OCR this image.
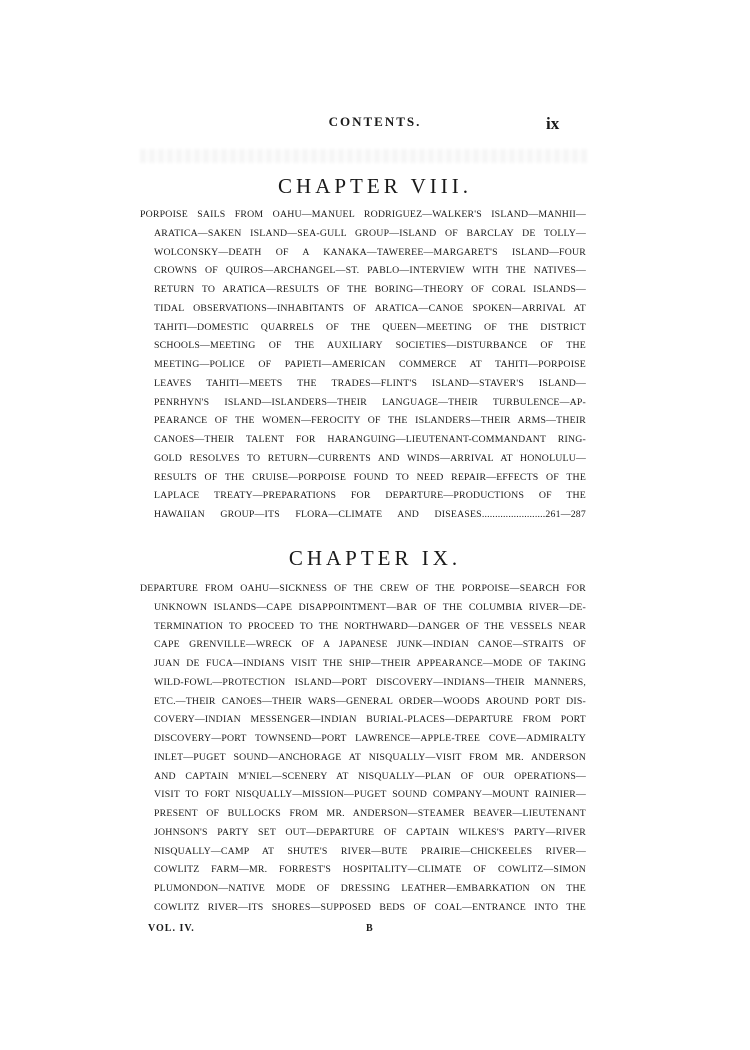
CONTENTS.	ix
CHAPTER VIII.
PORPOISE SAILS FROM OAHU—MANUEL RODRIGUEZ—WALKER'S ISLAND—MANHII—
ARATICA—SAKEN ISLAND—SEA-GULL GROUP—ISLAND OF BARCLAY DE TOLLY—
WOLCONSKY—DEATH OF A KANAKA—TAWEREE—MARGARET'S ISLAND—FOUR
CROWNS OF QUIROS—ARCHANGEL—ST. PABLO—INTERVIEW WITH THE NATIVES—
RETURN TO ARATICA—RESULTS OF THE BORING—THEORY OF CORAL ISLANDS—
TIDAL OBSERVATIONS—INHABITANTS OF ARATICA—CANOE SPOKEN—ARRIVAL AT
TAHITI—DOMESTIC QUARRELS OF THE QUEEN—MEETING OF THE DISTRICT
SCHOOLS—MEETING OF THE AUXILIARY SOCIETIES—DISTURBANCE OF THE
MEETING—POLICE OF PAPIETI—AMERICAN COMMERCE AT TAHITI—PORPOISE
LEAVES TAHITI—MEETS THE TRADES—FLINT'S ISLAND—STAVER'S ISLAND—
PENRHYN'S ISLAND—ISLANDERS—THEIR LANGUAGE—THEIR TURBULENCE—AP-
PEARANCE OF THE WOMEN—FEROCITY OF THE ISLANDERS—THEIR ARMS—THEIR
CANOES—THEIR TALENT FOR HARANGUING—LIEUTENANT-COMMANDANT RING-
GOLD RESOLVES TO RETURN—CURRENTS AND WINDS—ARRIVAL AT HONOLULU—
RESULTS OF THE CRUISE—PORPOISE FOUND TO NEED REPAIR—EFFECTS OF THE
LAPLACE TREATY—PREPARATIONS FOR DEPARTURE—PRODUCTIONS OF THE
HAWAIIAN GROUP—ITS FLORA—CLIMATE AND DISEASES........................261—287
CHAPTER IX.
DEPARTURE FROM OAHU—SICKNESS OF THE CREW OF THE PORPOISE—SEARCH FOR
UNKNOWN ISLANDS—CAPE DISAPPOINTMENT—BAR OF THE COLUMBIA RIVER—DE-
TERMINATION TO PROCEED TO THE NORTHWARD—DANGER OF THE VESSELS NEAR
CAPE GRENVILLE—WRECK OF A JAPANESE JUNK—INDIAN CANOE—STRAITS OF
JUAN DE FUCA—INDIANS VISIT THE SHIP—THEIR APPEARANCE—MODE OF TAKING
WILD-FOWL—PROTECTION ISLAND—PORT DISCOVERY—INDIANS—THEIR MANNERS,
ETC.—THEIR CANOES—THEIR WARS—GENERAL ORDER—WOODS AROUND PORT DIS-
COVERY—INDIAN MESSENGER—INDIAN BURIAL-PLACES—DEPARTURE FROM PORT
DISCOVERY—PORT TOWNSEND—PORT LAWRENCE—APPLE-TREE COVE—ADMIRALTY
INLET—PUGET SOUND—ANCHORAGE AT NISQUALLY—VISIT FROM MR. ANDERSON
AND CAPTAIN M'NIEL—SCENERY AT NISQUALLY—PLAN OF OUR OPERATIONS—
VISIT TO FORT NISQUALLY—MISSION—PUGET SOUND COMPANY—MOUNT RAINIER—
PRESENT OF BULLOCKS FROM MR. ANDERSON—STEAMER BEAVER—LIEUTENANT
JOHNSON'S PARTY SET OUT—DEPARTURE OF CAPTAIN WILKES'S PARTY—RIVER
NISQUALLY—CAMP AT SHUTE'S RIVER—BUTE PRAIRIE—CHICKEELES RIVER—
COWLITZ FARM—MR. FORREST'S HOSPITALITY—CLIMATE OF COWLITZ—SIMON
PLUMONDON—NATIVE MODE OF DRESSING LEATHER—EMBARKATION ON THE
COWLITZ RIVER—ITS SHORES—SUPPOSED BEDS OF COAL—ENTRANCE INTO THE
VOL. IV.	B
